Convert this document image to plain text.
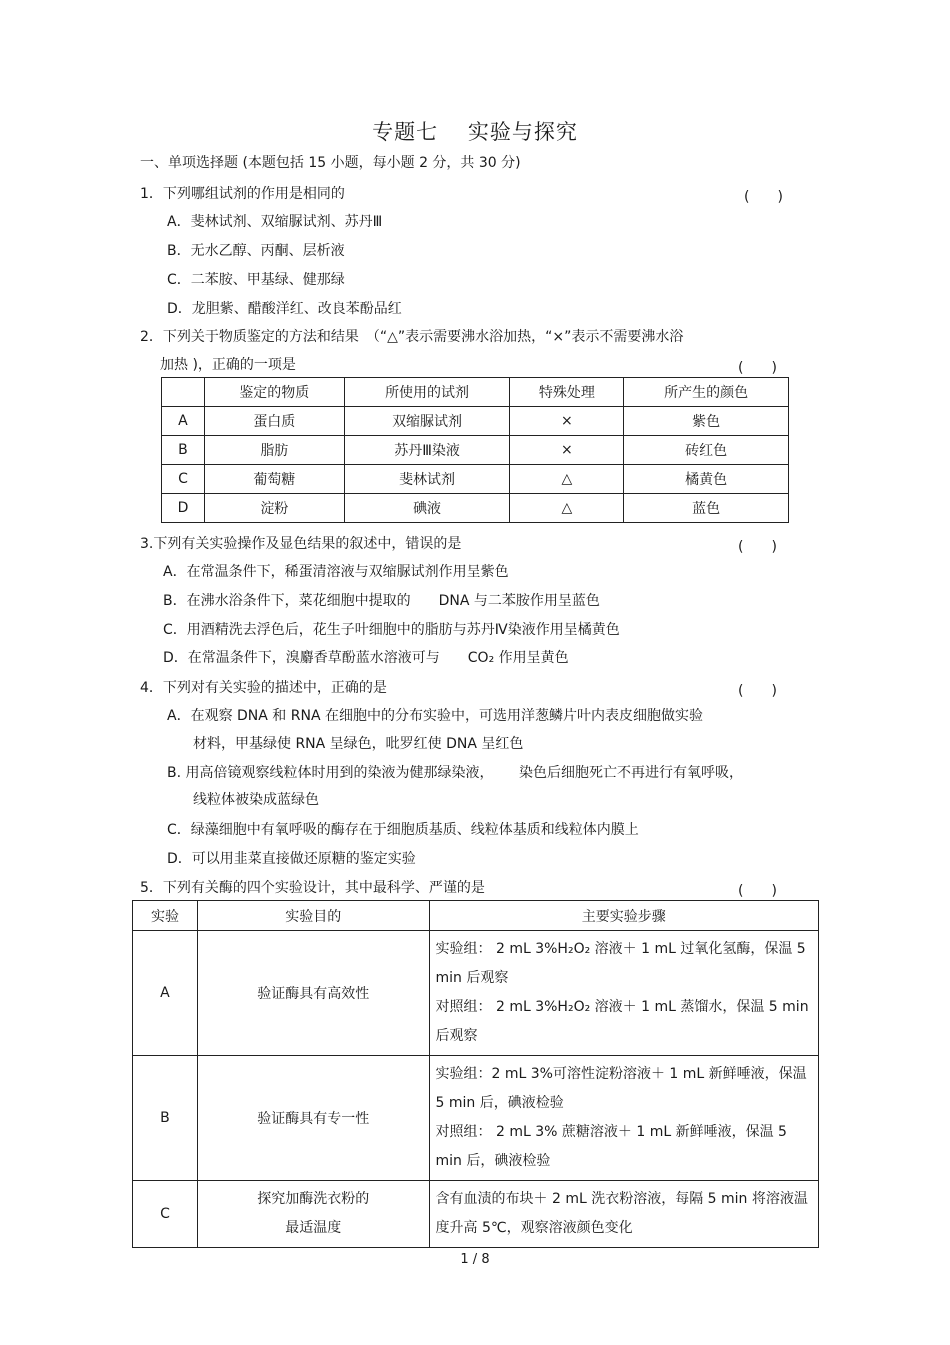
专题七　 实验与探究
一、单项选择题 (本题包括 15 小题，每小题 2 分，共 30 分)
1．下列哪组试剂的作用是相同的	(　　)
A．斐林试剂、双缩脲试剂、苏丹Ⅲ
B．无水乙醇、丙酮、层析液
C．二苯胺、甲基绿、健那绿
D．龙胆紫、醋酸洋红、改良苯酚品红
2．下列关于物质鉴定的方法和结果　（“△”表示需要沸水浴加热，“×”表示不需要沸水浴
加热 )，正确的一项是	(　　)
	鉴定的物质	所使用的试剂	特殊处理	所产生的颜色
A	蛋白质	双缩脲试剂	×	紫色
B	脂肪	苏丹Ⅲ染液	×	砖红色
C	葡萄糖	斐林试剂	△	橘黄色
D	淀粉	碘液	△	蓝色
3.下列有关实验操作及显色结果的叙述中，错误的是	(　　)
A．在常温条件下，稀蛋清溶液与双缩脲试剂作用呈紫色
B．在沸水浴条件下，菜花细胞中提取的　　DNA 与二苯胺作用呈蓝色
C．用酒精洗去浮色后，花生子叶细胞中的脂肪与苏丹Ⅳ染液作用呈橘黄色
D．在常温条件下，溴麝香草酚蓝水溶液可与　　CO₂ 作用呈黄色
4．下列对有关实验的描述中，正确的是	(　　)
A．在观察 DNA 和 RNA 在细胞中的分布实验中，可选用洋葱鳞片叶内表皮细胞做实验
材料，甲基绿使 RNA 呈绿色，吡罗红使 DNA 呈红色
B. 用高倍镜观察线粒体时用到的染液为健那绿染液，　　 染色后细胞死亡不再进行有氧呼吸，
线粒体被染成蓝绿色
C．绿藻细胞中有氧呼吸的酶存在于细胞质基质、线粒体基质和线粒体内膜上
D．可以用韭菜直接做还原糖的鉴定实验
5．下列有关酶的四个实验设计，其中最科学、严谨的是	(　　)
实验	实验目的	主要实验步骤
A	验证酶具有高效性	实验组： 2 mL 3%H₂O₂ 溶液＋ 1 mL 过氧化氢酶，保温 5 min 后观察
对照组： 2 mL 3%H₂O₂ 溶液＋ 1 mL 蒸馏水，保温 5 min 后观察

B	验证酶具有专一性	实验组：2 mL 3%可溶性淀粉溶液＋ 1 mL 新鲜唾液，保温 5 min 后，碘液检验
对照组： 2 mL 3% 蔗糖溶液＋ 1 mL 新鲜唾液，保温 5 min 后，碘液检验

C	探究加酶洗衣粉的
最适温度	含有血渍的布块＋ 2 mL 洗衣粉溶液，每隔 5 min 将溶液温度升高 5℃，观察溶液颜色变化
1 / 8
